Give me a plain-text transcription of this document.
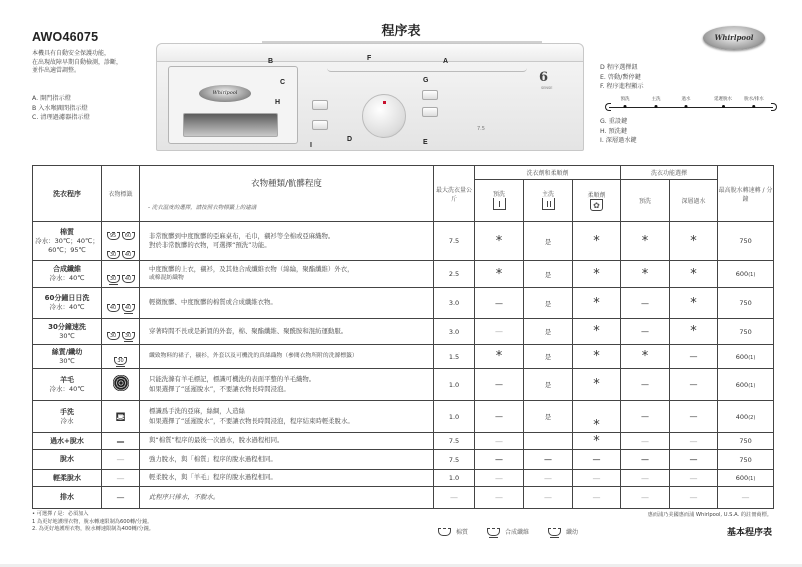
程序表
AWO46075
本機具有自動安全保護功能，
在出現故障早期自動檢測，診斷，
並作出適當調整。
A. 開門指示燈
B 入水喉閥閉指示燈
C. 清理過濾器指示燈
Whirlpool
6
SENSE
7.5
B	F	A
C	G
H
D	E
I
Whirlpool
D 程序選擇鈕
E. 啓動/暫停鍵
F. 程序進程顯示
預洗	主洗	過水	延遲脫水	脫水/排水
G. 重設鍵
H. 預洗鍵
I. 深層過水鍵
洗衣程序	衣物標籤	衣物種類/骯髒程度
- 洗衣溫度的選擇，請按照衣物標籤上的建議	最大洗衣量公斤	洗衣劑和柔順劑			洗衣功能選擇		最高脫水轉速轉 / 分鐘

				預洗	主洗	柔順劑
✿	預洗	深層過水	
棉質
冷水：30℃；40℃；
60℃；95℃	95 60
30 40	
非常骯髒到中度骯髒的亞麻桌布，毛巾，襯衫等全棉或亞麻織物。
對於非常骯髒的衣物，可選擇“預洗”功能。	7.5	*	是	*	*	*	750
合成纖維
冷水：40℃	30 40	
中度骯髒的上衣，襯衫，及其他合成纖維衣物（綿綸，聚酯纖維）外衣，
或棉混紡織物	2.5	*	是	*	*	*	600(1)
60分鐘日日洗
冷水：40℃	40 40	輕微骯髒、中度骯髒的棉質或合成纖維衣物。	3.0	—	是	*	—	*	750
30分鐘速洗
30℃	30 30	穿著時間不長或是新買的外套，棉、聚酯纖維、聚酰胺和混紡運動服。	3.0	—	是	*	—	*	750
絲質/纖幼
30℃	30	纖致物料的裙子，襯衫，外套以及可機洗的真絲織物（參閱衣物所附的洗滌標籤）	1.5	*	是	*	*	—	600(1)
羊毛
冷水：40℃		
只能洗滌有羊毛標記，標識可機洗的表面平整的羊毛織物。
如果選擇了“延遲脫水”，不要讓衣物長時間浸泡。	1.0	—	是	*	—	—	600(1)
手洗
冷水	⛾	標識爲手洗的亞麻，絲綢，人造絲
如果選擇了“延遲脫水”，不要讓衣物長時間浸泡，程序結束時輕柔脫水。	1.0	—	是	*	—	—	400(2)
過水+脫水	—	與“棉質”程序的最後一次過水，脫水過程相同。	7.5	—		*	—	—	750
脫水	—	強力脫水，與「棉質」程序的脫水過程相同。	7.5	—	—	—	—	—	750
輕柔脫水	—	輕柔脫水，與「羊毛」程序的脫水過程相同。	1.0	—	—	—	—	—	600(1)
排水	—	此程序只排水，不脫水。	—	—	—	—	—	—	—
• 可選擇 / 是：必須加入
1 為更好地護理衣物，脫水轉速限制為600轉/分鐘。
2. 為更好地護理衣物，脫水轉速限制為400轉/分鐘。
惠而浦乃美國惠而浦 Whirlpool, U.S.A. 的註冊商標。
棉質	合成纖維	纖幼	基本程序表
